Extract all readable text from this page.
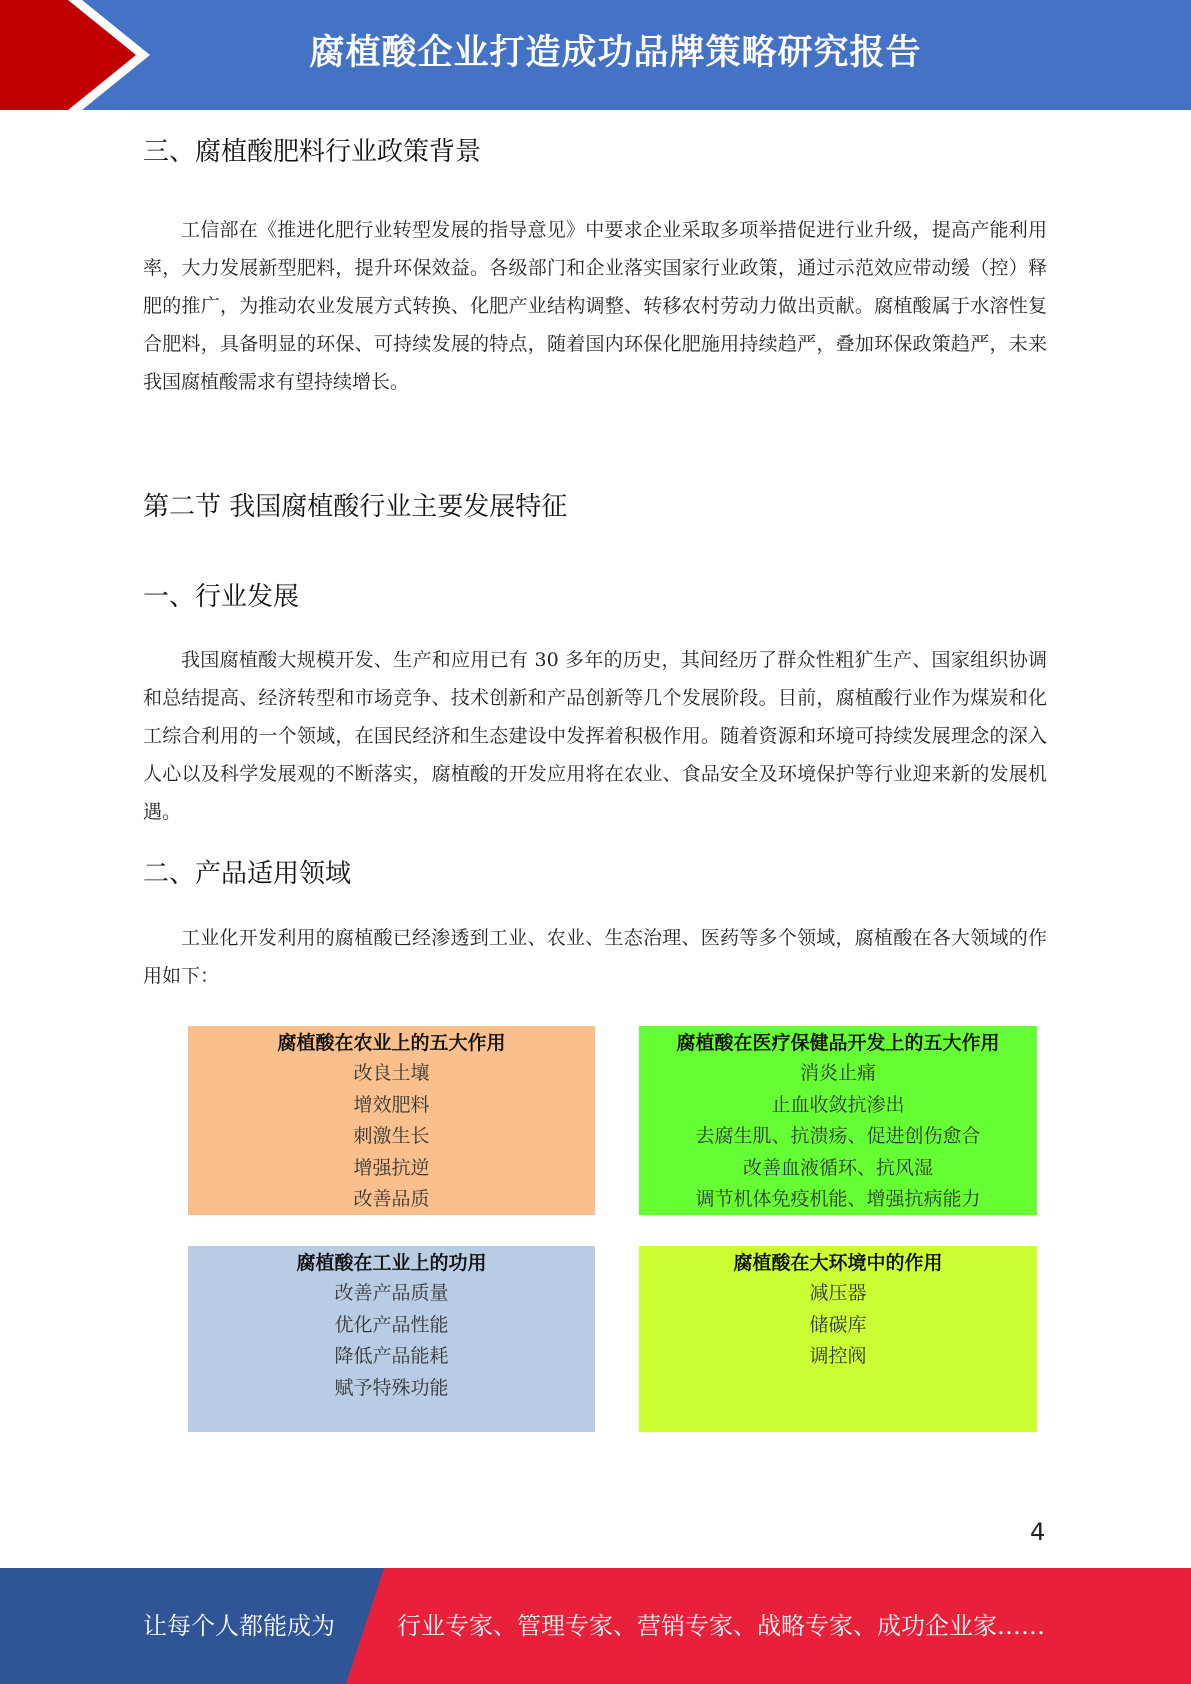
腐植酸企业打造成功品牌策略研究报告
三、腐植酸肥料行业政策背景

工信部在《推进化肥行业转型发展的指导意见》中要求企业采取多项举措促进行业升级，提高产能利用率，大力发展新型肥料，提升环保效益。各级部门和企业落实国家行业政策，通过示范效应带动缓（控）释肥的推广，为推动农业发展方式转换、化肥产业结构调整、转移农村劳动力做出贡献。腐植酸属于水溶性复合肥料，具备明显的环保、可持续发展的特点，随着国内环保化肥施用持续趋严，叠加环保政策趋严，未来我国腐植酸需求有望持续增长。

第二节 我国腐植酸行业主要发展特征
一、行业发展

我国腐植酸大规模开发、生产和应用已有 30 多年的历史，其间经历了群众性粗犷生产、国家组织协调和总结提高、经济转型和市场竞争、技术创新和产品创新等几个发展阶段。目前，腐植酸行业作为煤炭和化工综合利用的一个领域，在国民经济和生态建设中发挥着积极作用。随着资源和环境可持续发展理念的深入人心以及科学发展观的不断落实，腐植酸的开发应用将在农业、食品安全及环境保护等行业迎来新的发展机遇。

二、产品适用领域

工业化开发利用的腐植酸已经渗透到工业、农业、生态治理、医药等多个领域，腐植酸在各大领域的作用如下：

腐植酸在农业上的五大作用
改良土壤
增效肥料
刺激生长
增强抗逆
改善品质
腐植酸在医疗保健品开发上的五大作用
消炎止痛
止血收敛抗渗出
去腐生肌、抗溃疡、促进创伤愈合
改善血液循环、抗风湿
调节机体免疫机能、增强抗病能力
腐植酸在工业上的功用
改善产品质量
优化产品性能
降低产品能耗
赋予特殊功能
腐植酸在大环境中的作用
减压器
储碳库
调控阀
4
让每个人都能成为	行业专家、管理专家、营销专家、战略专家、成功企业家……
